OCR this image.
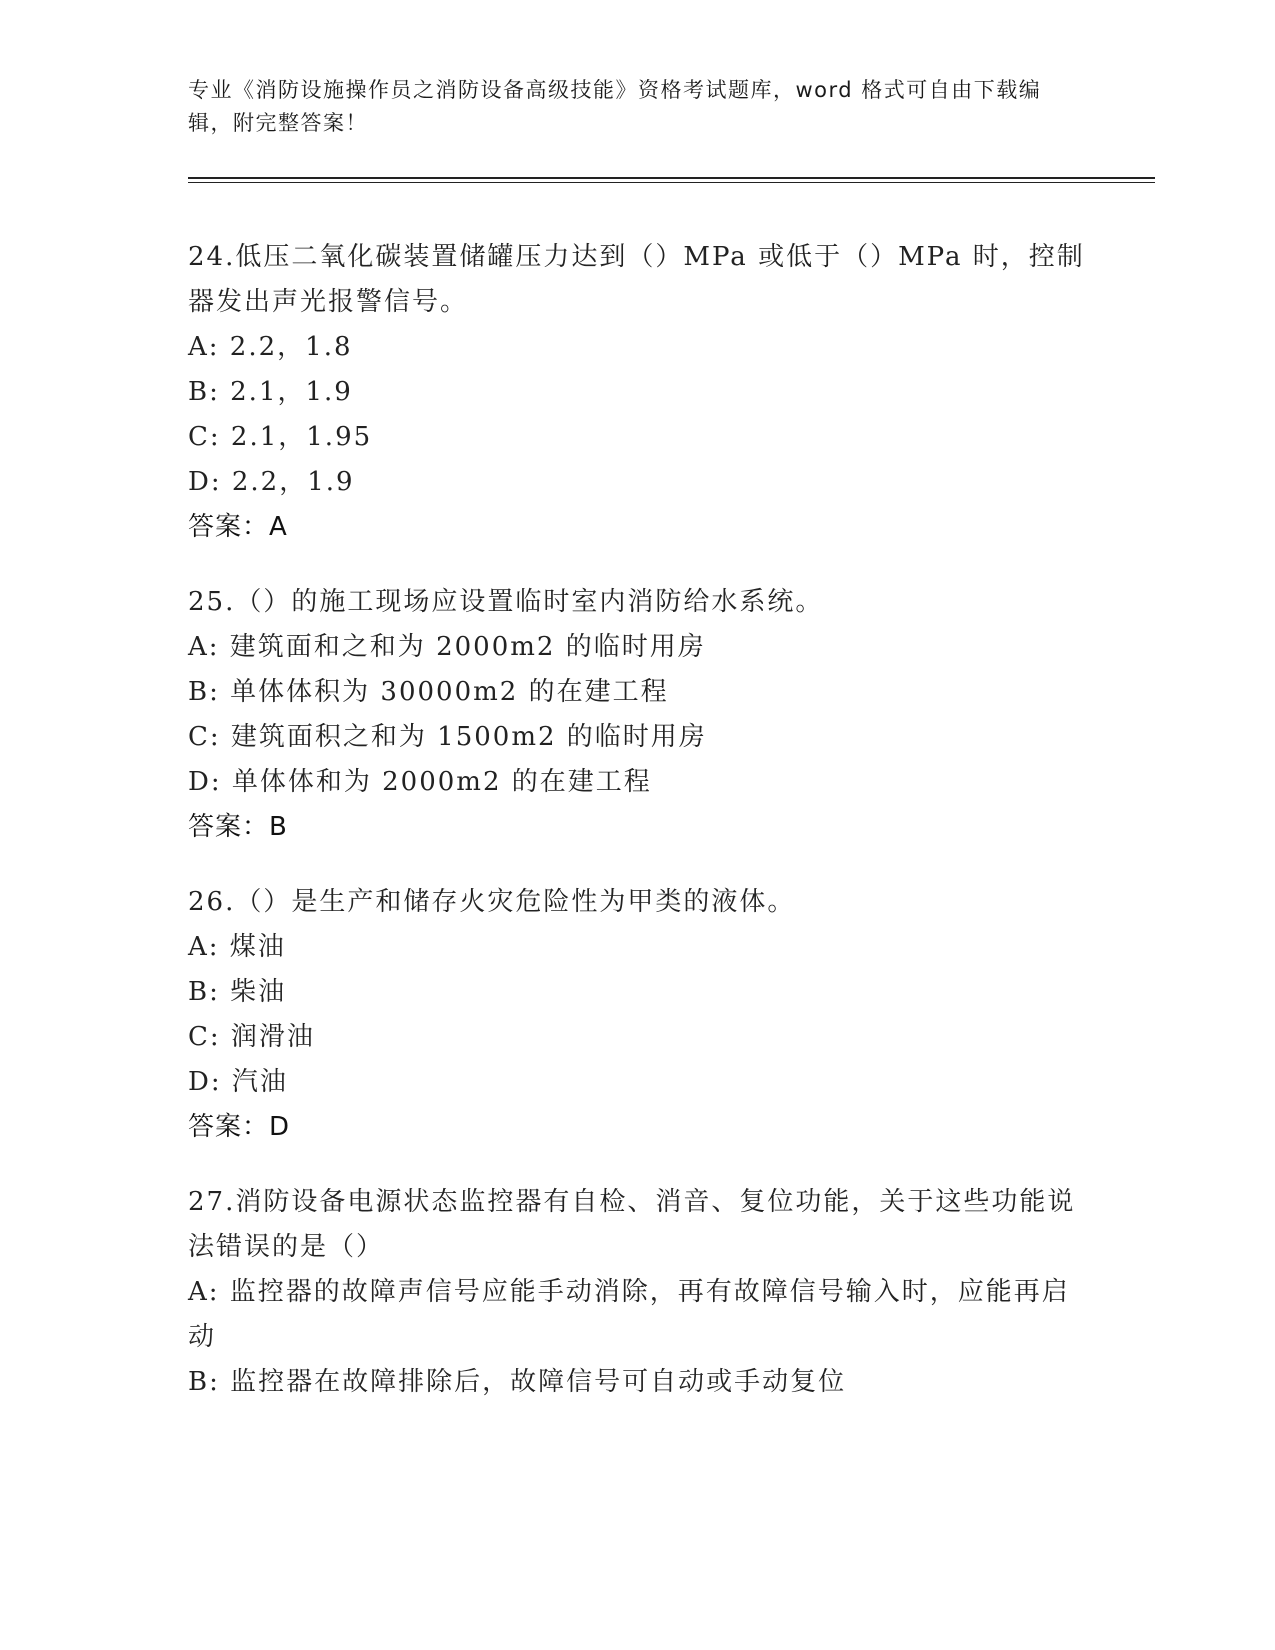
专业《消防设施操作员之消防设备高级技能》资格考试题库，word 格式可自由下载编辑，附完整答案！

24.低压二氧化碳装置储罐压力达到（）MPa 或低于（）MPa 时，控制器发出声光报警信号。

A: 2.2，1.8

B: 2.1，1.9

C: 2.1，1.95

D: 2.2，1.9

答案：A

25.（）的施工现场应设置临时室内消防给水系统。

A: 建筑面和之和为 2000m2 的临时用房

B: 单体体积为 30000m2 的在建工程

C: 建筑面积之和为 1500m2 的临时用房

D: 单体体和为 2000m2 的在建工程

答案：B

26.（）是生产和储存火灾危险性为甲类的液体。

A: 煤油

B: 柴油

C: 润滑油

D: 汽油

答案：D

27.消防设备电源状态监控器有自检、消音、复位功能，关于这些功能说法错误的是（）

A: 监控器的故障声信号应能手动消除，再有故障信号输入时，应能再启动

B: 监控器在故障排除后，故障信号可自动或手动复位
